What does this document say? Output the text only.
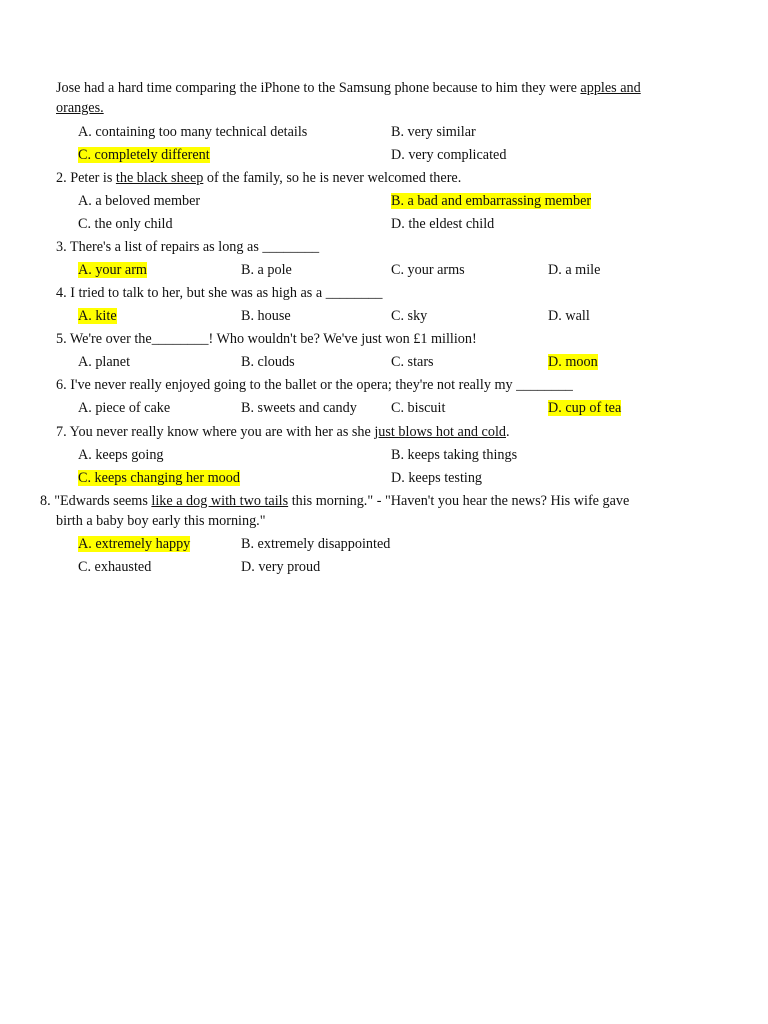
Jose had a hard time comparing the iPhone to the Samsung phone because to him they were apples and
oranges.
A. containing too many technical details	B. very similar
C. completely different	D. very complicated
2. Peter is the black sheep of the family, so he is never welcomed there.
A. a beloved member	B. a bad and embarrassing member
C. the only child	D. the eldest child
3. There's a list of repairs as long as ________
A. your arm	B. a pole	C. your arms	D. a mile
4. I tried to talk to her, but she was as high as a ________
A. kite	B. house	C. sky	D. wall
5. We're over the________! Who wouldn't be? We've just won £1 million!
A. planet	B. clouds	C. stars	D. moon
6. I've never really enjoyed going to the ballet or the opera; they're not really my ________
A. piece of cake	B. sweets and candy C. biscuit	D. cup of tea
7. You never really know where you are with her as she just blows hot and cold.
A. keeps going	B. keeps taking things
C. keeps changing her mood	D. keeps testing
8. "Edwards seems like a dog with two tails this morning." - "Haven't you hear the news? His wife gave
birth a baby boy early this morning."
A. extremely happy	B. extremely disappointed
C. exhausted	D. very proud
